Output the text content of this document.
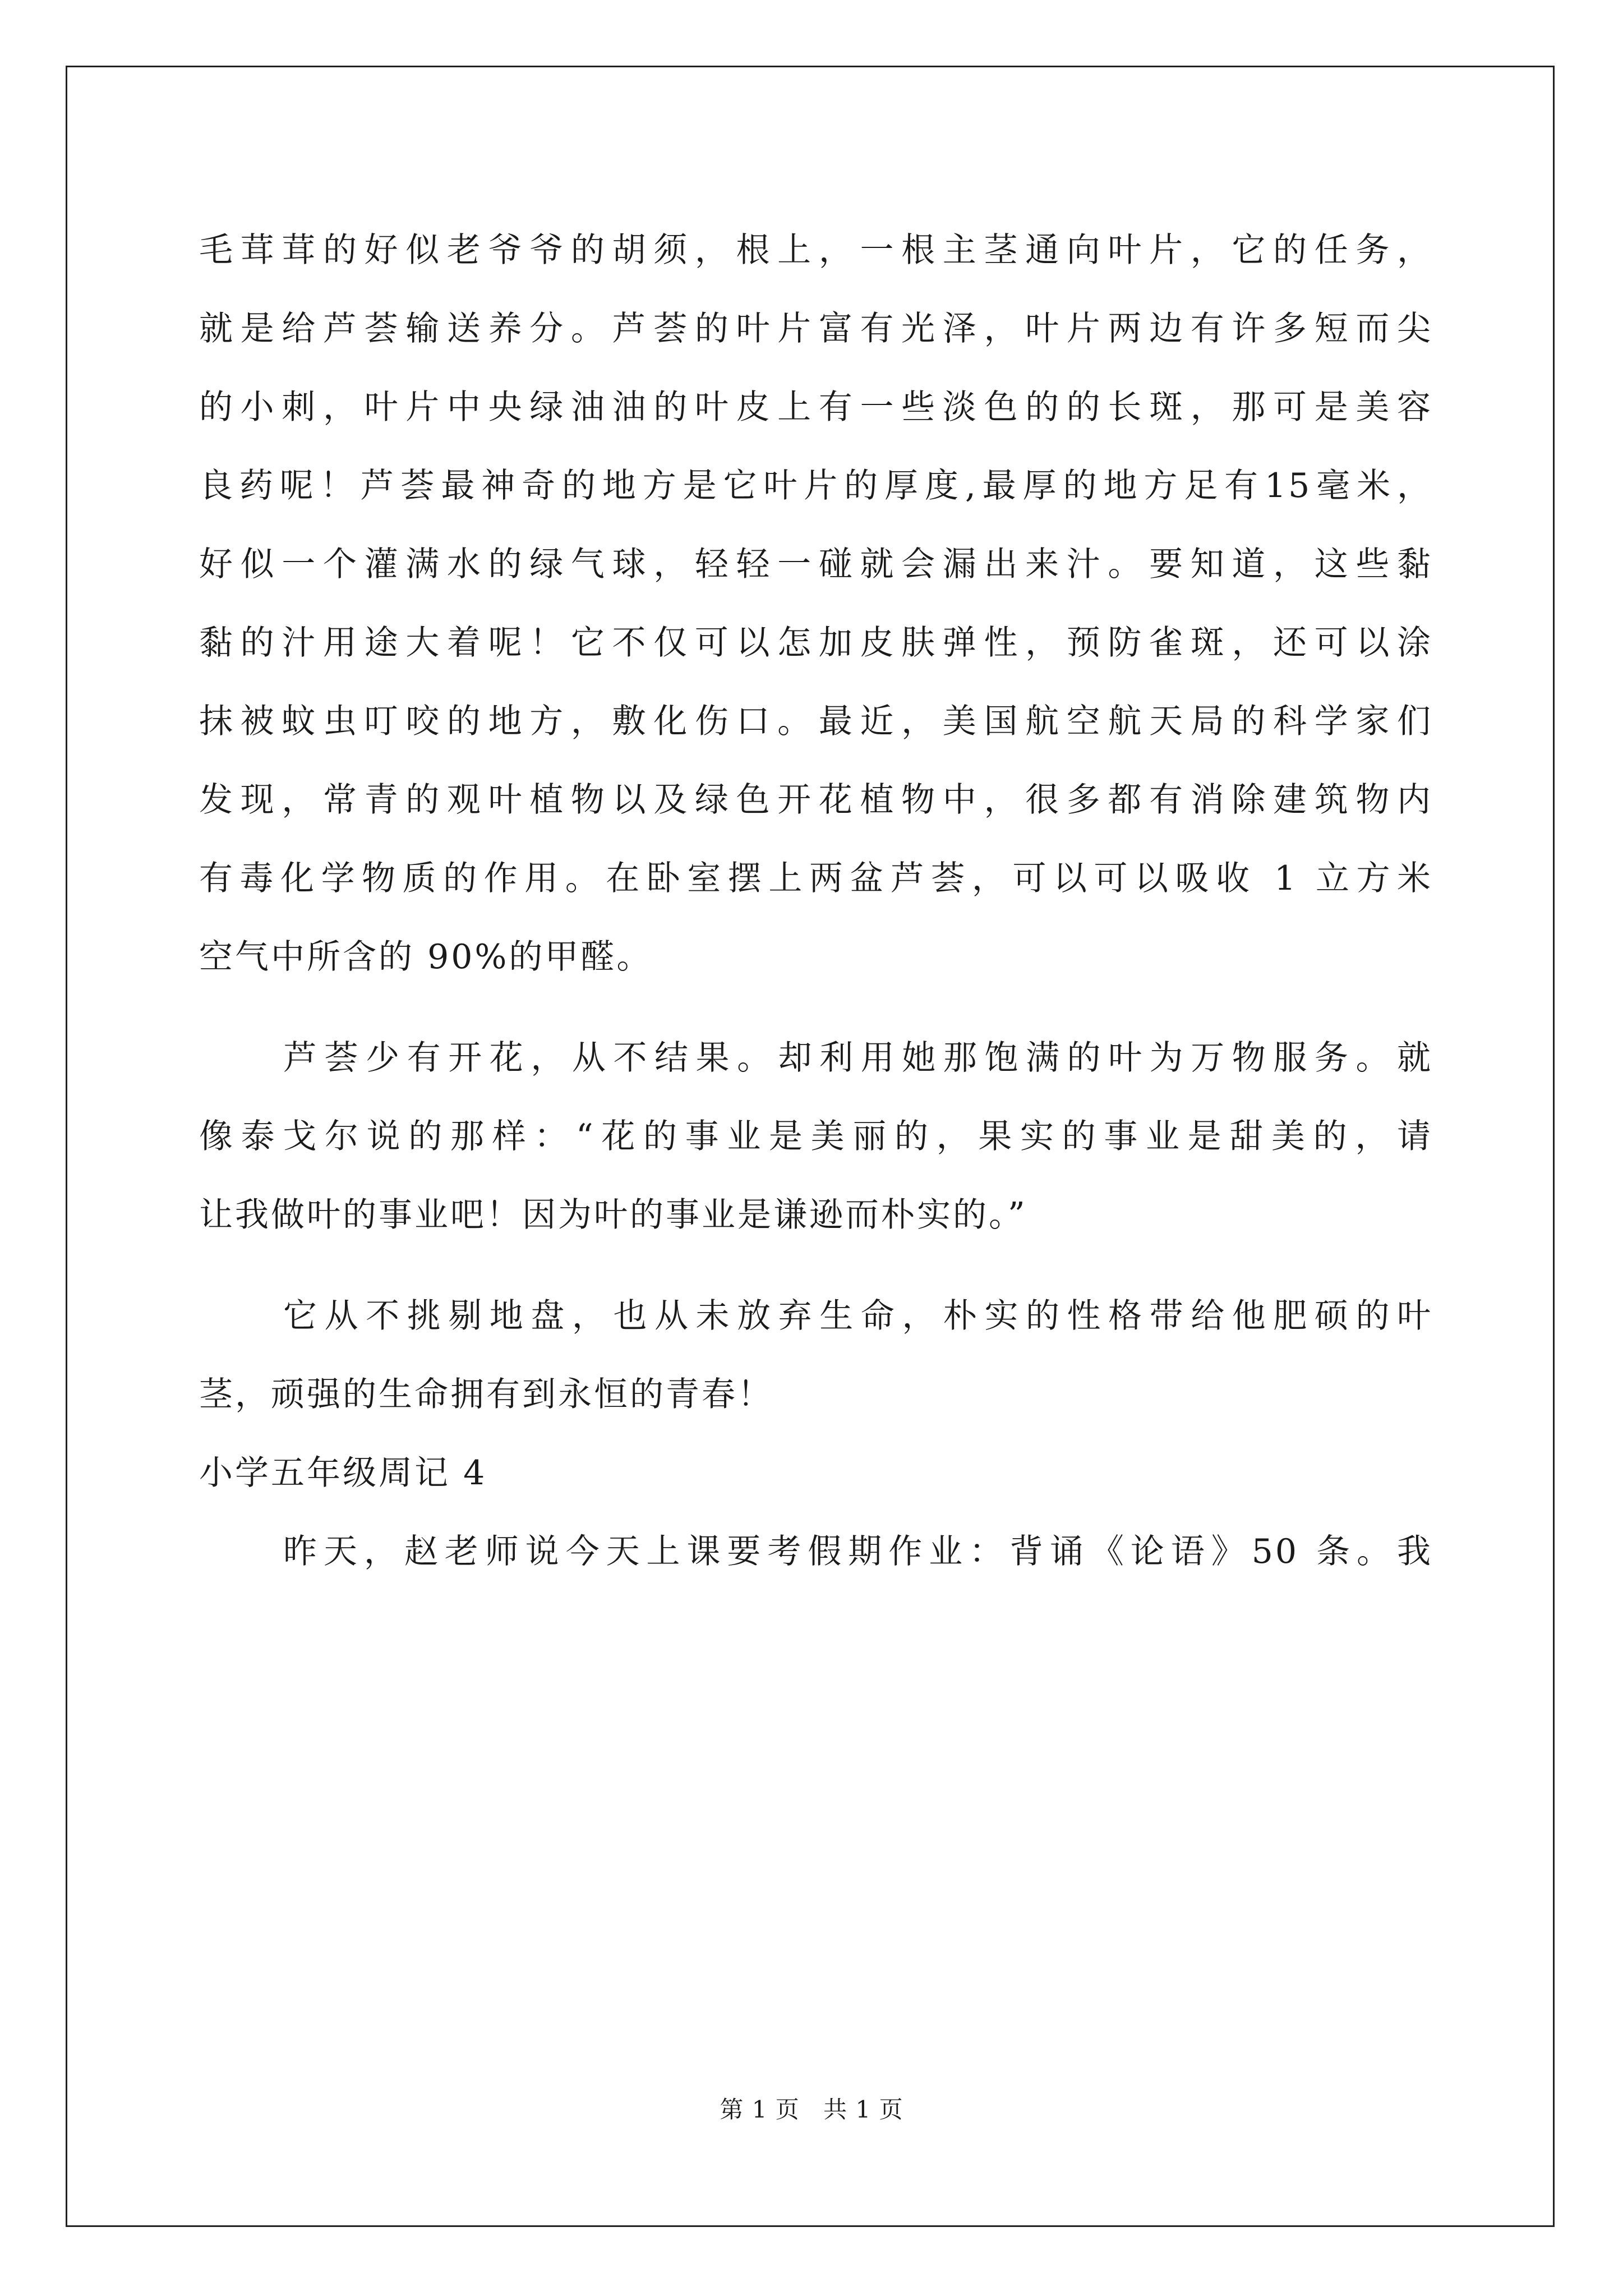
毛茸茸的好似老爷爷的胡须，根上，一根主茎通向叶片，它的任务，
就是给芦荟输送养分。芦荟的叶片富有光泽，叶片两边有许多短而尖
的小刺，叶片中央绿油油的叶皮上有一些淡色的的长斑，那可是美容
良药呢！芦荟最神奇的地方是它叶片的厚度,最厚的地方足有15毫米，
好似一个灌满水的绿气球，轻轻一碰就会漏出来汁。要知道，这些黏
黏的汁用途大着呢！它不仅可以怎加皮肤弹性，预防雀斑，还可以涂
抹被蚊虫叮咬的地方，敷化伤口。最近，美国航空航天局的科学家们
发现，常青的观叶植物以及绿色开花植物中，很多都有消除建筑物内
有毒化学物质的作用。在卧室摆上两盆芦荟，可以可以吸收 1 立方米
空气中所含的 90%的甲醛。
芦荟少有开花，从不结果。却利用她那饱满的叶为万物服务。就
像泰戈尔说的那样：“花的事业是美丽的，果实的事业是甜美的，请
让我做叶的事业吧！因为叶的事业是谦逊而朴实的。”
它从不挑剔地盘，也从未放弃生命，朴实的性格带给他肥硕的叶
茎，顽强的生命拥有到永恒的青春！
小学五年级周记 4
昨天，赵老师说今天上课要考假期作业：背诵《论语》50 条。我
第 1 页 共 1 页
